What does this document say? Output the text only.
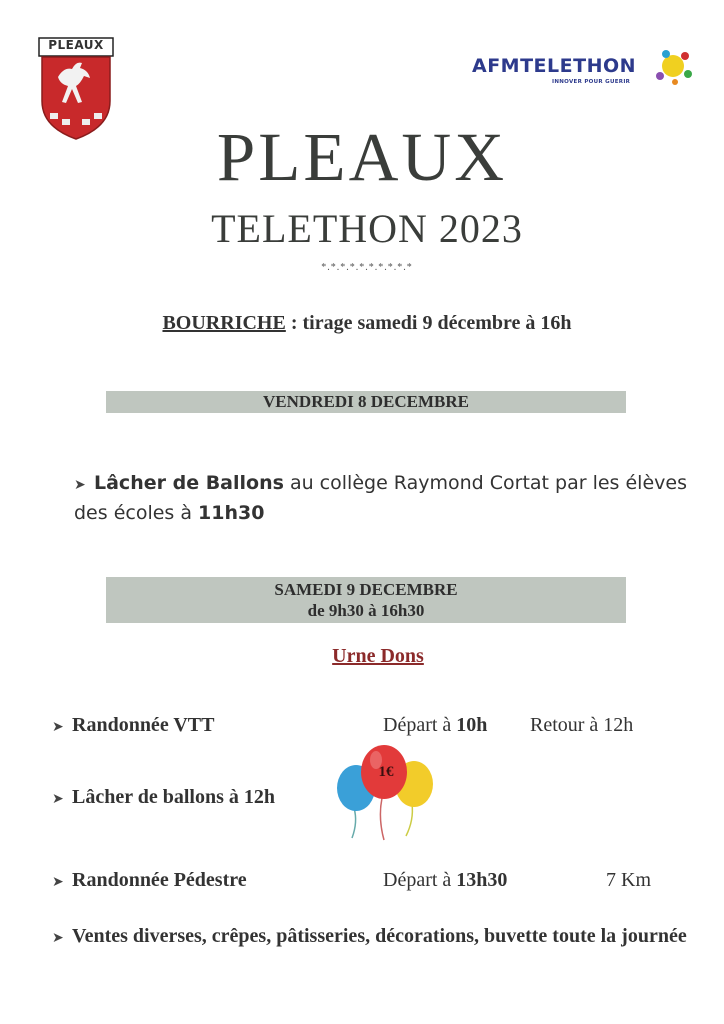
PLEAUX
AFMTELETHON
INNOVER POUR GUERIR
PLEAUX
TELETHON 2023
*.*.*.*.*.*.*.*.*.*
BOURRICHE : tirage samedi 9 décembre à 16h
VENDREDI 8 DECEMBRE
➤ Lâcher de Ballons au collège Raymond Cortat par les élèves des écoles à 11h30
SAMEDI 9 DECEMBRE
de 9h30 à 16h30
Urne Dons
➤ Randonnée VTT	Départ à 10h Retour à 12h
➤ Lâcher de ballons à 12h
1€
➤ Randonnée Pédestre	Départ à 13h30	7 Km
➤ Ventes diverses, crêpes, pâtisseries, décorations, buvette toute la journée
